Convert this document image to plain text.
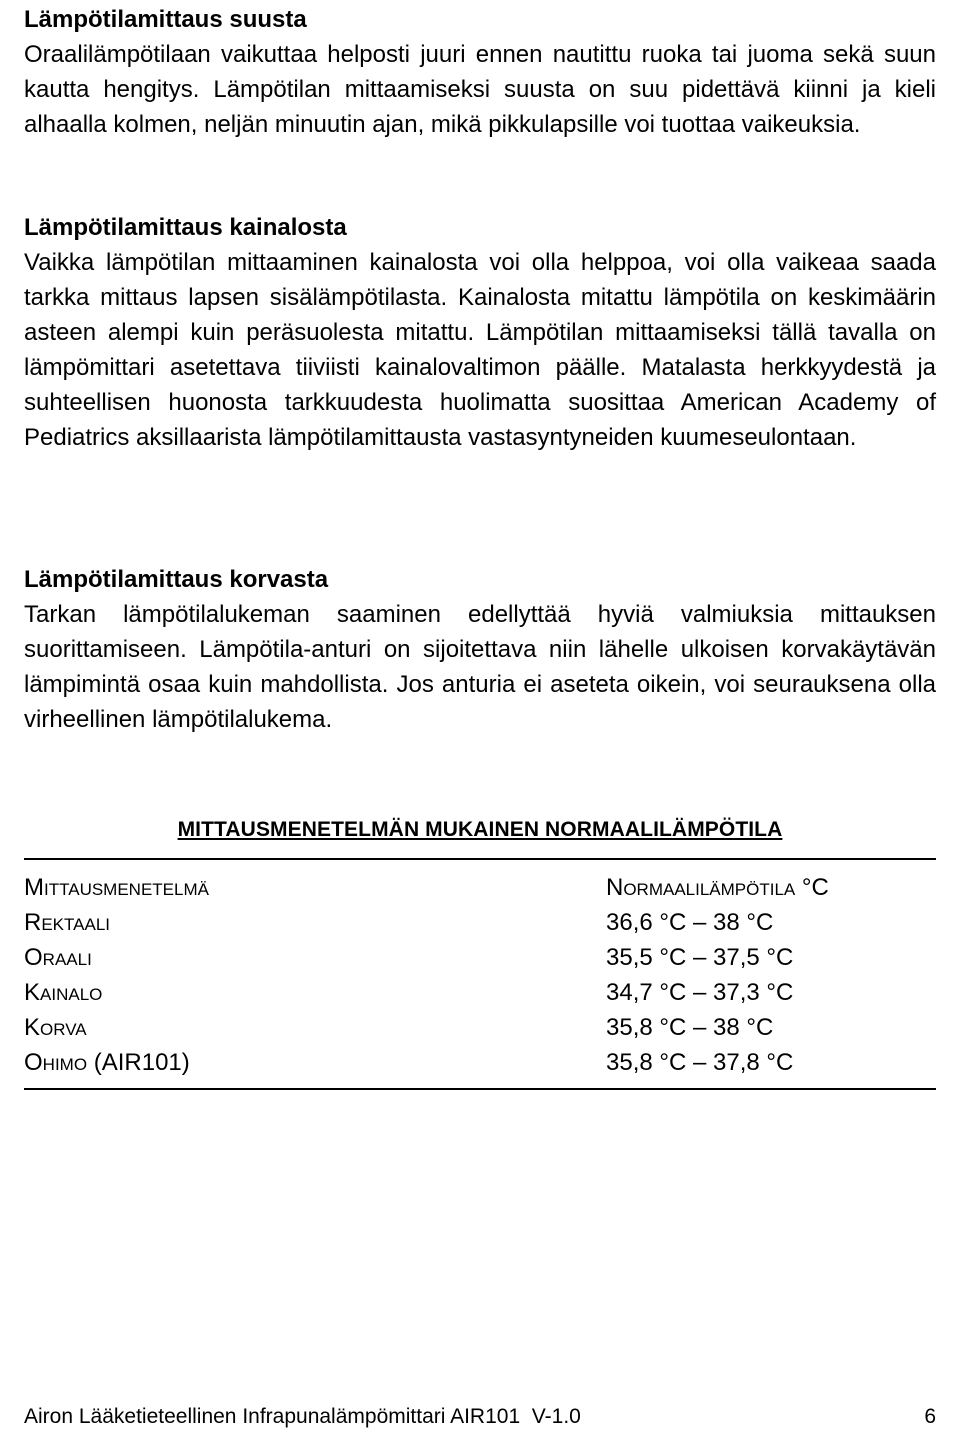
Lämpötilamittaus suusta

Oraalilämpötilaan vaikuttaa helposti juuri ennen nautittu ruoka tai juoma sekä suun kautta hengitys. Lämpötilan mittaamiseksi suusta on suu pidettävä kiinni ja kieli alhaalla kolmen, neljän minuutin ajan, mikä pikkulapsille voi tuottaa vaikeuksia.

Lämpötilamittaus kainalosta

Vaikka lämpötilan mittaaminen kainalosta voi olla helppoa, voi olla vaikeaa saada tarkka mittaus lapsen sisälämpötilasta. Kainalosta mitattu lämpötila on keskimäärin asteen alempi kuin peräsuolesta mitattu. Lämpötilan mittaamiseksi tällä tavalla on lämpömittari asetettava tiiviisti kainalovaltimon päälle. Matalasta herkkyydestä ja suhteellisen huonosta tarkkuudesta huolimatta suosittaa American Academy of Pediatrics aksillaarista lämpötilamittausta vastasyntyneiden kuumeseulontaan.

Lämpötilamittaus korvasta

Tarkan lämpötilalukeman saaminen edellyttää hyviä valmiuksia mittauksen suorittamiseen. Lämpötila-anturi on sijoitettava niin lähelle ulkoisen korvakäytävän lämpimintä osaa kuin mahdollista. Jos anturia ei aseteta oikein, voi seurauksena olla virheellinen lämpötilalukema.

MITTAUSMENETELMÄN MUKAINEN NORMAALILÄMPÖTILA
Mittausmenetelmä	Normaalilämpötila °C
Rektaali	36,6 °C – 38 °C
Oraali	35,5 °C – 37,5 °C
Kainalo	34,7 °C – 37,3 °C
Korva	35,8 °C – 38 °C
Ohimo (AIR101)	35,8 °C – 37,8 °C
Airon Lääketieteellinen Infrapunalämpömittari AIR101  V-1.0	6
